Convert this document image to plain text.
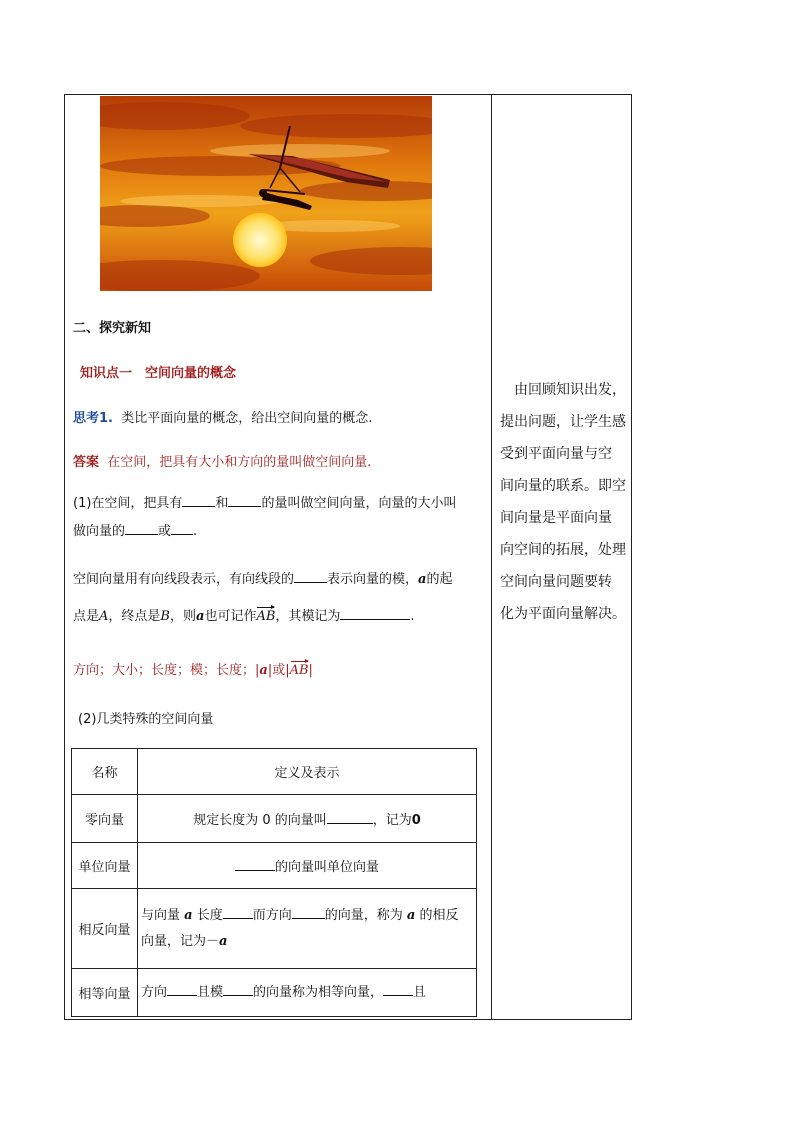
二、探究新知
知识点一　空间向量的概念
思考1. 类比平面向量的概念，给出空间向量的概念.
答案 在空间，把具有大小和方向的量叫做空间向量.
(1)在空间，把具有	和	的量叫做空间向量，向量的大小叫
做向量的	或 .
空间向量用有向线段表示，有向线段的	表示向量的模，a的起
点是A，终点是B，则a也可记作AB，其模记为	.
方向；大小；长度；模；长度；|a|或|AB|
(2)几类特殊的空间向量
名称	定义及表示
零向量	规定长度为 0 的向量叫 ，记为0
单位向量	的向量叫单位向量
相反向量	与向量 a 长度 而方向 的向量，称为 a 的相反
向量，记为－a
相等向量	方向 且模 的向量称为相等向量， 且
　由回顾知识出发，
提出问题，让学生感
受到平面向量与空
间向量的联系。即空
间向量是平面向量
向空间的拓展，处理
空间向量问题要转
化为平面向量解决。
